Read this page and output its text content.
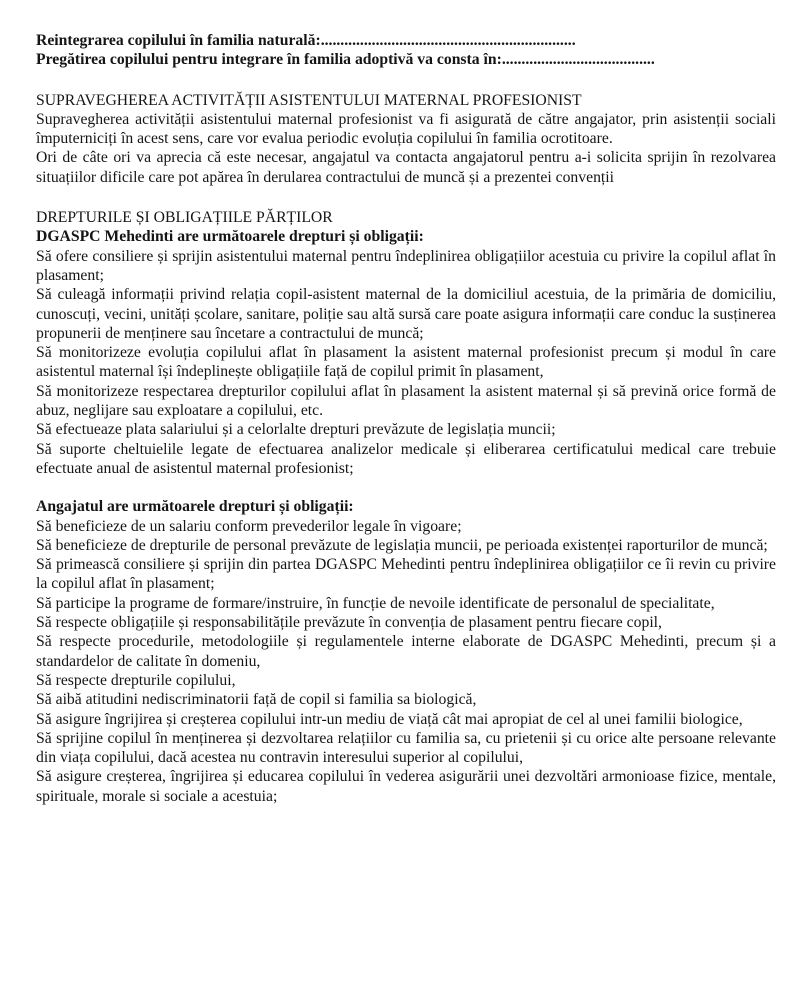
Reintegrarea copilului în familia naturală:.................................................................

Pregătirea copilului pentru integrare în familia adoptivă va consta în:.......................................

SUPRAVEGHEREA ACTIVITĂȚII ASISTENTULUI MATERNAL PROFESIONIST

Supravegherea activității asistentului maternal profesionist va fi asigurată de către angajator, prin asistenții sociali împuterniciți în acest sens, care vor evalua periodic evoluția copilului în familia ocrotitoare.

Ori de câte ori va aprecia că este necesar, angajatul va contacta angajatorul pentru a-i solicita sprijin în rezolvarea situațiilor dificile care pot apărea în derularea contractului de muncă și a prezentei convenții

DREPTURILE ȘI OBLIGAȚIILE PĂRȚILOR

DGASPC Mehedinti are următoarele drepturi și obligații:

Să ofere consiliere și sprijin asistentului maternal pentru îndeplinirea obligațiilor acestuia cu privire la copilul aflat în plasament;

Să culeagă informații privind relația copil-asistent maternal de la domiciliul acestuia, de la primăria de domiciliu, cunoscuți, vecini, unități școlare, sanitare, poliție sau altă sursă care poate asigura informații care conduc la susținerea propunerii de menținere sau încetare a contractului de muncă;

Să monitorizeze evoluția copilului aflat în plasament la asistent maternal profesionist precum și modul în care asistentul maternal își îndeplinește obligațiile față de copilul primit în plasament,

Să monitorizeze respectarea drepturilor copilului aflat în plasament la asistent maternal și să prevină orice formă de abuz, neglijare sau exploatare a copilului, etc.

Să efectueaze plata salariului și a celorlalte drepturi prevăzute de legislația muncii;

Să suporte cheltuielile legate de efectuarea analizelor medicale și eliberarea certificatului medical care trebuie efectuate anual de asistentul maternal profesionist;

Angajatul are următoarele drepturi și obligații:

Să beneficieze de un salariu conform prevederilor legale în vigoare;

Să beneficieze de drepturile de personal prevăzute de legislația muncii, pe perioada existenței raporturilor de muncă;

Să primească consiliere și sprijin din partea DGASPC Mehedinti pentru îndeplinirea obligațiilor ce îi revin cu privire la copilul aflat în plasament;

Să participe la programe de formare/instruire, în funcție de nevoile identificate de personalul de specialitate,

Să respecte obligațiile și responsabilitățile prevăzute în convenția de plasament pentru fiecare copil,

Să respecte procedurile, metodologiile și regulamentele interne elaborate de DGASPC Mehedinti, precum și a standardelor de calitate în domeniu,

Să respecte drepturile copilului,

Să aibă atitudini nediscriminatorii față de copil si familia sa biologică,

Să asigure îngrijirea și creșterea copilului intr-un mediu de viață cât mai apropiat de cel al unei familii biologice,

Să sprijine copilul în menținerea și dezvoltarea relațiilor cu familia sa, cu prietenii și cu orice alte persoane relevante din viața copilului, dacă acestea nu contravin interesului superior al copilului,

Să asigure creșterea, îngrijirea și educarea copilului în vederea asigurării unei dezvoltări armonioase fizice, mentale, spirituale, morale si sociale a acestuia;
